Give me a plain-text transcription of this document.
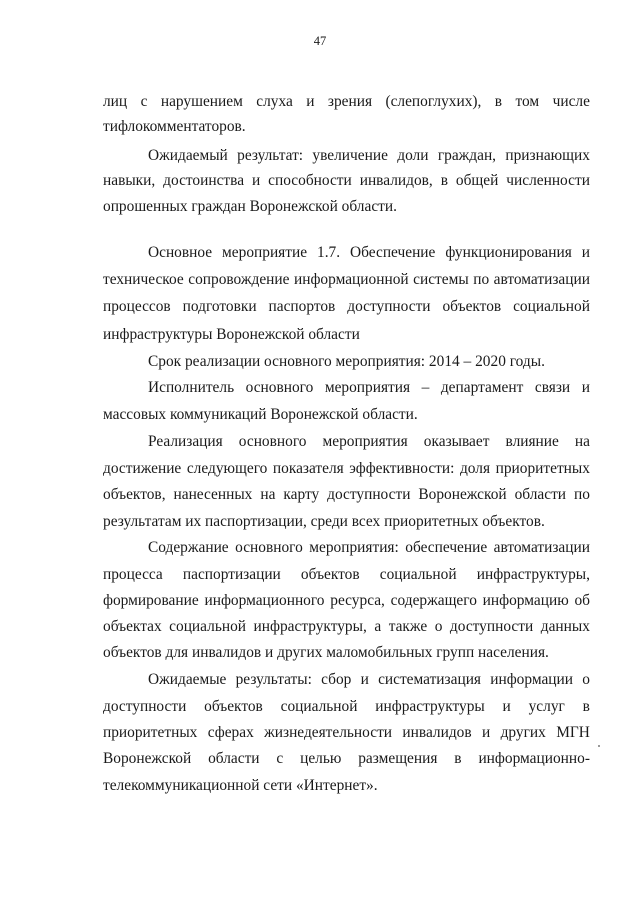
47
лиц с нарушением слуха и зрения (слепоглухих), в том числе
тифлокомментаторов.
Ожидаемый результат: увеличение доли граждан, признающих
навыки, достоинства и способности инвалидов, в общей численности
опрошенных граждан Воронежской области.
Основное мероприятие 1.7. Обеспечение функционирования и
техническое сопровождение информационной системы по автоматизации
процессов подготовки паспортов доступности объектов социальной
инфраструктуры Воронежской области
Срок реализации основного мероприятия: 2014 – 2020 годы.
Исполнитель основного мероприятия – департамент связи и
массовых коммуникаций Воронежской области.
Реализация основного мероприятия оказывает влияние на
достижение следующего показателя эффективности: доля приоритетных
объектов, нанесенных на карту доступности Воронежской области по
результатам их паспортизации, среди всех приоритетных объектов.
Содержание основного мероприятия: обеспечение автоматизации
процесса паспортизации объектов социальной инфраструктуры,
формирование информационного ресурса, содержащего информацию об
объектах социальной инфраструктуры, а также о доступности данных
объектов для инвалидов и других маломобильных групп населения.
Ожидаемые результаты: сбор и систематизация информации о
доступности объектов социальной инфраструктуры и услуг в
приоритетных сферах жизнедеятельности инвалидов и других МГН
Воронежской области с целью размещения в информационно-
телекоммуникационной сети «Интернет».
